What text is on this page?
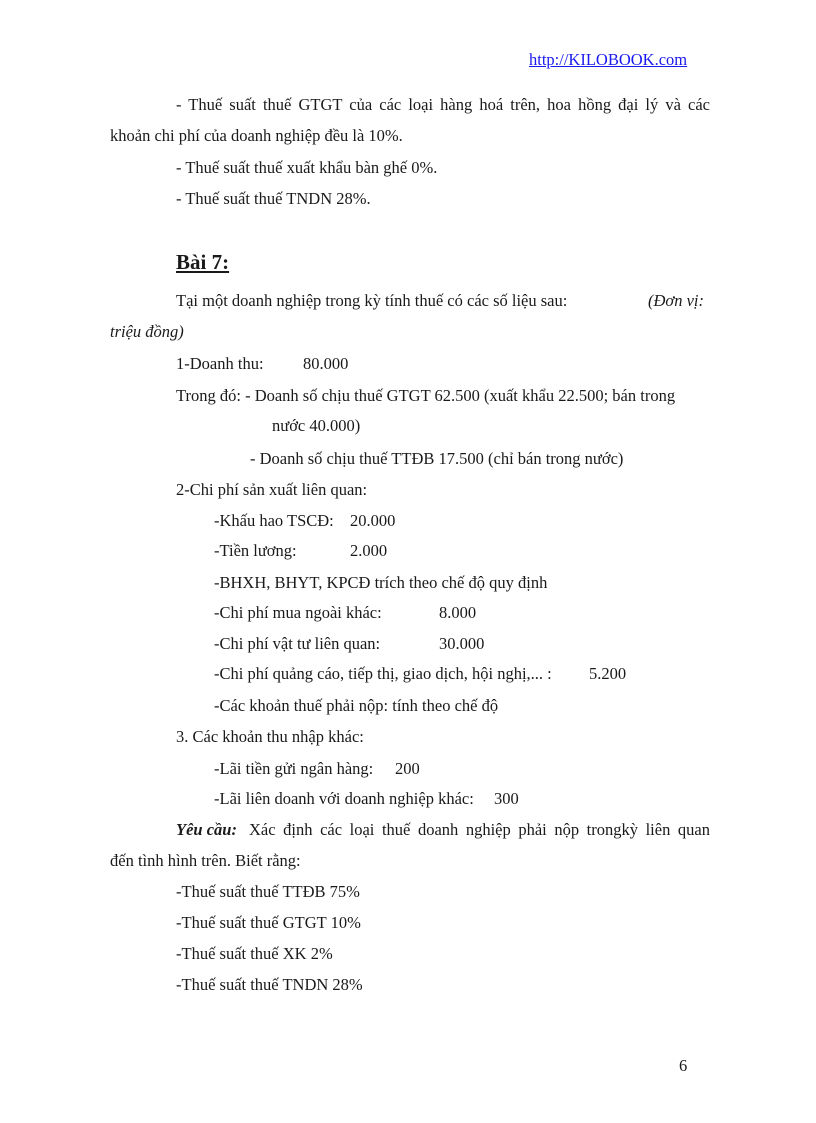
http://KILOBOOK.com
- Thuế suất thuế GTGT của các loại hàng hoá trên, hoa hồng đại lý và các
khoản chi phí của doanh nghiệp đều là 10%.
- Thuế suất thuế xuất khẩu bàn ghế 0%.
- Thuế suất thuế TNDN 28%.
Bài 7:
Tại một doanh nghiệp trong kỳ tính thuế có các số liệu sau:	(Đơn vị:
triệu đồng)
1-Doanh thu: 80.000
Trong đó: - Doanh số chịu thuế GTGT 62.500 (xuất khẩu 22.500; bán trong
nước 40.000)
- Doanh số chịu thuế TTĐB 17.500 (chỉ bán trong nước)
2-Chi phí sản xuất liên quan:
-Khấu hao TSCĐ: 20.000
-Tiền lương:	2.000
-BHXH, BHYT, KPCĐ trích theo chế độ quy định
-Chi phí mua ngoài khác:	8.000
-Chi phí vật tư liên quan:	30.000
-Chi phí quảng cáo, tiếp thị, giao dịch, hội nghị,... : 5.200
-Các khoản thuế phải nộp: tính theo chế độ
3. Các khoản thu nhập khác:
-Lãi tiền gửi ngân hàng: 200
-Lãi liên doanh với doanh nghiệp khác: 300
Yêu cầu: Xác định các loại thuế doanh nghiệp phải nộp trongkỳ liên quan
đến tình hình trên. Biết rằng:
-Thuế suất thuế TTĐB 75%
-Thuế suất thuế GTGT 10%
-Thuế suất thuế XK 2%
-Thuế suất thuế TNDN 28%
6
